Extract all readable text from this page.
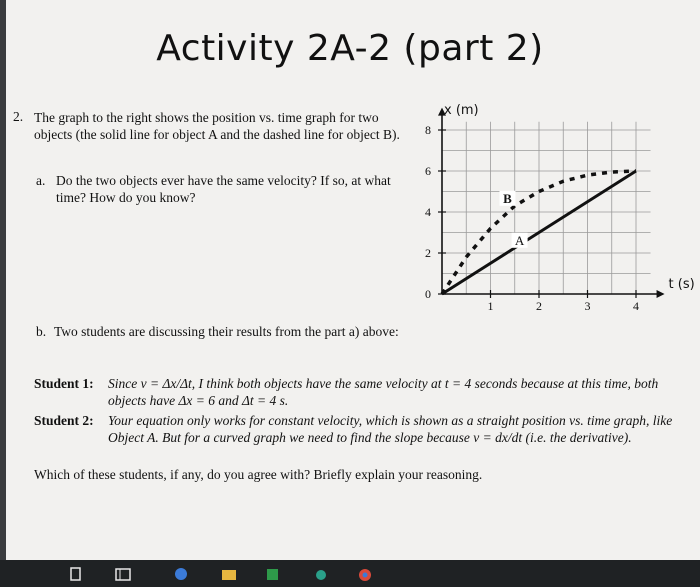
Activity 2A-2 (part 2)
2. The graph to the right shows the position vs. time graph for two objects (the solid line for object A and the dashed line for object B).
a. Do the two objects ever have the same velocity? If so, at what time? How do you know?
b. Two students are discussing their results from the part a) above:
Student 1: Since v = Δx/Δt, I think both objects have the same velocity at t = 4 seconds because at this time, both objects have Δx = 6 and Δt = 4 s.
Student 2: Your equation only works for constant velocity, which is shown as a straight position vs. time graph, like Object A. But for a curved graph we need to find the slope because v = dx/dt (i.e. the derivative).
Which of these students, if any, do you agree with? Briefly explain your reasoning.
0
2
4
6
8
1	2	3	4
x (m)
t (s)
A
B
